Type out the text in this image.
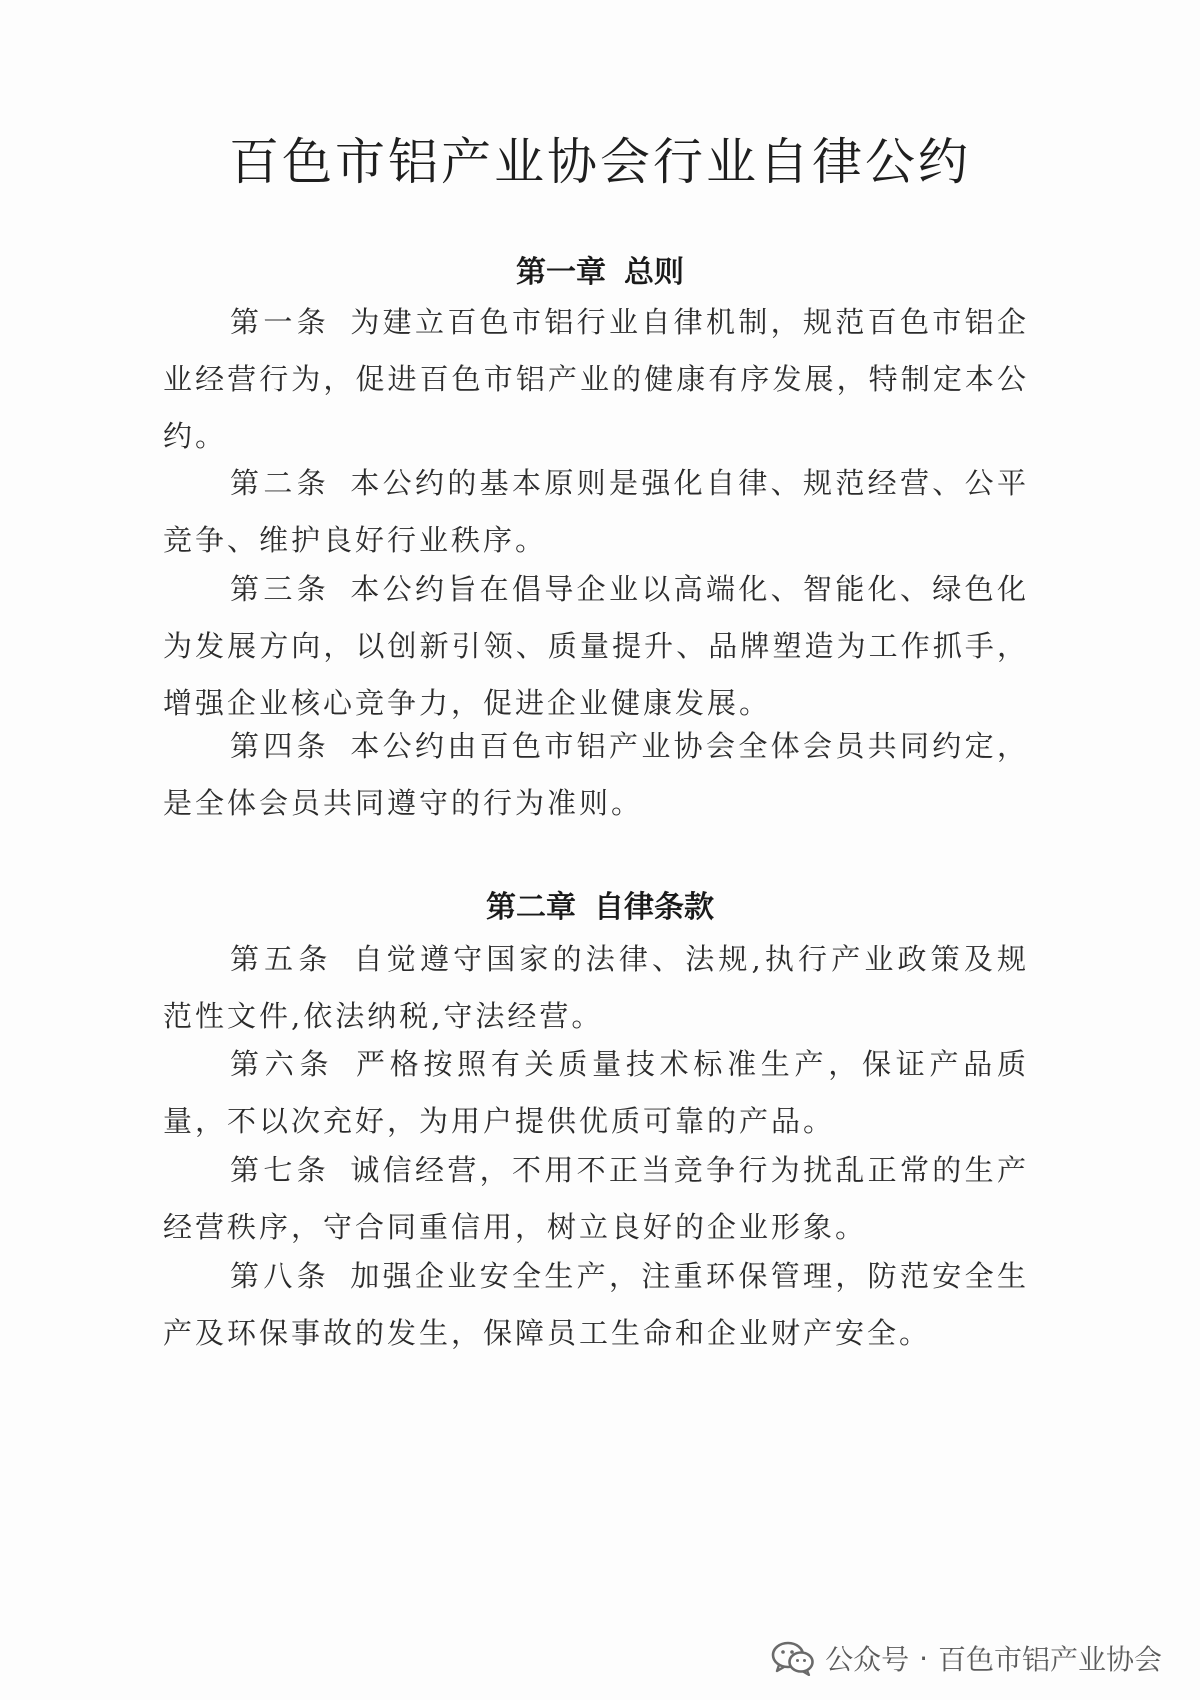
百色市铝产业协会行业自律公约
第一章 总则

第一条 为建立百色市铝行业自律机制，规范百色市铝企业经营行为，促进百色市铝产业的健康有序发展，特制定本公约。

第二条 本公约的基本原则是强化自律、规范经营、公平竞争、维护良好行业秩序。

第三条 本公约旨在倡导企业以高端化、智能化、绿色化为发展方向，以创新引领、质量提升、品牌塑造为工作抓手，增强企业核心竞争力，促进企业健康发展。

第四条 本公约由百色市铝产业协会全体会员共同约定，是全体会员共同遵守的行为准则。

第二章 自律条款

第五条 自觉遵守国家的法律、法规,执行产业政策及规范性文件,依法纳税,守法经营。

第六条 严格按照有关质量技术标准生产，保证产品质量，不以次充好，为用户提供优质可靠的产品。

第七条 诚信经营，不用不正当竞争行为扰乱正常的生产经营秩序，守合同重信用，树立良好的企业形象。

第八条 加强企业安全生产，注重环保管理，防范安全生产及环保事故的发生，保障员工生命和企业财产安全。

公众号 · 百色市铝产业协会
